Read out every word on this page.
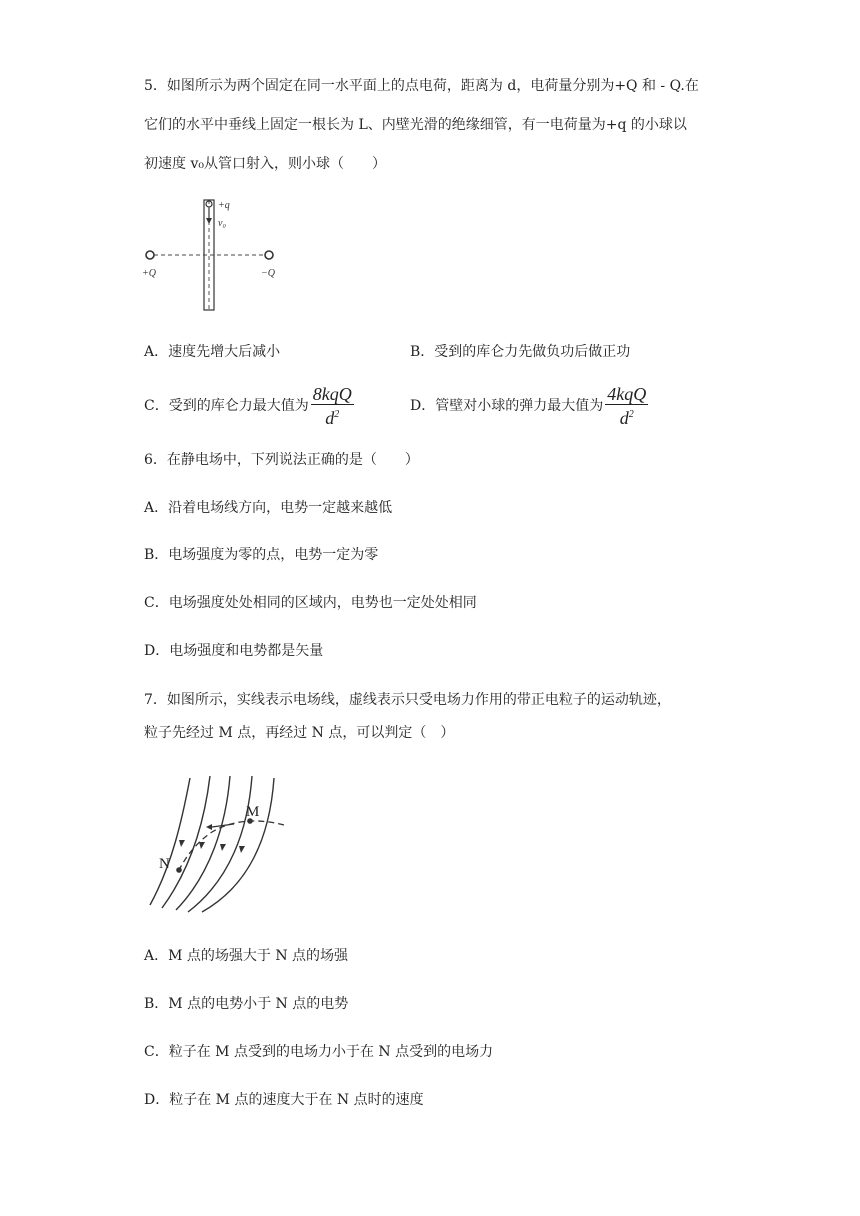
5．如图所示为两个固定在同一水平面上的点电荷，距离为 d，电荷量分别为+Q 和 - Q.在
它们的水平中垂线上固定一根长为 L、内壁光滑的绝缘细管，有一电荷量为+q 的小球以
初速度 v₀从管口射入，则小球（　　）
+q
v₀
+Q	−Q
A．速度先增大后减小	B．受到的库仑力先做负功后做正功
C．受到的库仑力最大值为 $\frac{\text{8kqQ}}{d^2}$	D．管壁对小球的弹力最大值为 $\frac{\text{4kqQ}}{d^2}$
6．在静电场中，下列说法正确的是（　　）
A．沿着电场线方向，电势一定越来越低
B．电场强度为零的点，电势一定为零
C．电场强度处处相同的区域内，电势也一定处处相同
D．电场强度和电势都是矢量
7．如图所示，实线表示电场线，虚线表示只受电场力作用的带正电粒子的运动轨迹，
粒子先经过 M 点，再经过 N 点，可以判定（　）
M
N
A．M 点的场强大于 N 点的场强
B．M 点的电势小于 N 点的电势
C．粒子在 M 点受到的电场力小于在 N 点受到的电场力
D．粒子在 M 点的速度大于在 N 点时的速度
